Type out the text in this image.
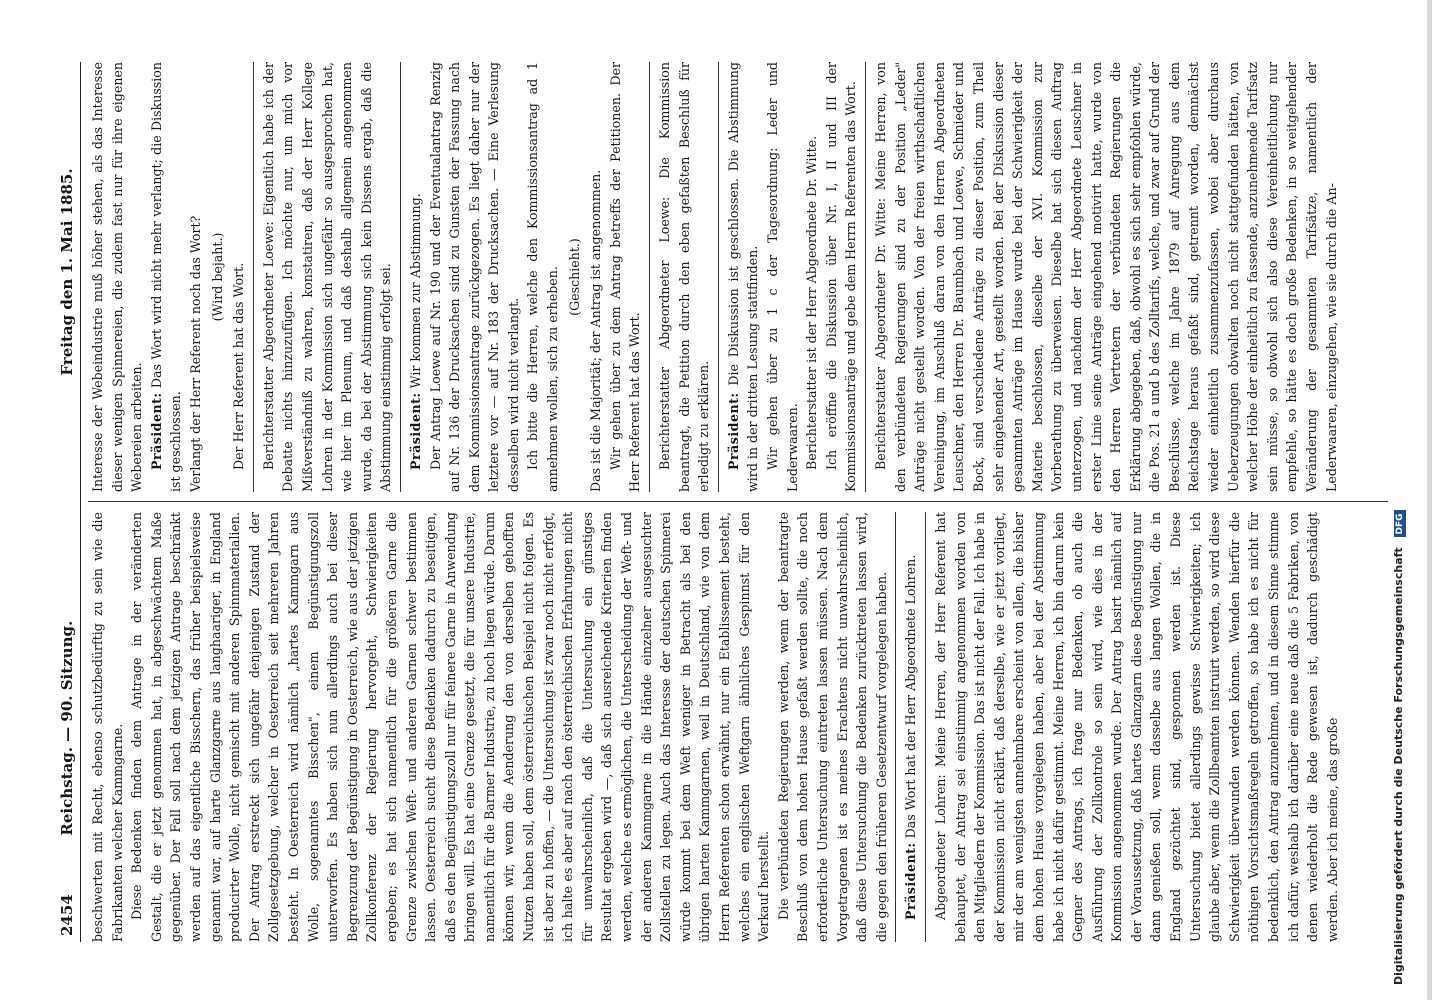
2454
Reichstag. — 90. Sitzung. Freitag den 1. Mai 1885.

beschwerten mit Recht, ebenso schutzbedürftig zu sein wie die Fabrikanten welcher Kammgarne. Diese Bedenken finden dem Antrage in der veränderten Gestalt, die er jetzt genommen hat, in abgeschwächtem Maße gegenüber. Der Fall soll nach dem jetzigen Antrage beschränkt werden auf das eigentliche Bisschern, das früher beispielsweise genannt war, auf harte Glanzgarne aus langhaariger, in England producirter Wolle, nicht gemischt mit anderen Spinnmaterialien. Der Antrag erstreckt sich ungefähr denjenigen Zustand der Zollgesetzgebung, welcher in Oesterreich seit mehreren Jahren besteht. In Oesterreich wird nämlich „hartes Kammgarn aus Wolle, sogenanntes Bisschen", einem Begünstigungszoll unterworfen. Es haben sich nun allerdings auch bei dieser Begrenzung der Begünstigung in Oesterreich, wie aus der jetzigen Zollkonferenz der Regierung hervorgeht, Schwierigkeiten ergeben; es hat sich namentlich für die größeren Garne die Grenze zwischen Weft- und anderen Garnen schwer bestimmen lassen. Oesterreich sucht diese Bedenken dadurch zu beseitigen, daß es den Begünstigungszoll nur für feinere Garne in Anwendung bringen will. Es hat eine Grenze gesetzt, die für unsere Industrie, namentlich für die Barmer Industrie, zu hoch liegen würde. Darum können wir, wenn die Aenderung den von derselben gehofften Nutzen haben soll, dem österreichischen Beispiel nicht folgen. Es ist aber zu hoffen, — die Untersuchung ist zwar noch nicht erfolgt, ich halte es aber auf nach den österreichischen Erfahrungen nicht für unwahrscheinlich, daß die Untersuchung ein günstiges Resultat ergeben wird —, daß sich ausreichende Kriterien finden werden, welche es ermöglichen, die Unterscheidung der Weft- und der anderen Kammgarne in die Hände einzelner ausgesuchter Zollstellen zu legen. Auch das Interesse der deutschen Spinnerei würde kommt bei dem Weft weniger in Betracht als bei den übrigen harten Kammgarnen, weil in Deutschland, wie von dem Herrn Referenten schon erwähnt, nur ein Etablissement besteht, welches ein englischen Weftgarn ähnliches Gespinnst für den Verkauf herstellt. Die verbündeten Regierungen werden, wenn der beantragte Beschluß von dem hohen Hause gefaßt werden sollte, die noch erforderliche Untersuchung eintreten lassen müssen. Nach dem Vorgetragenen ist es meines Erachtens nicht unwahrscheinlich, daß diese Untersuchung die Bedenken zurücktreten lassen wird, die gegen den früheren Gesetzentwurf vorgelegen haben. Präsident: Das Wort hat der Herr Abgeordnete Lohren. Abgeordneter Lohren: Meine Herren, der Herr Referent hat behauptet, der Antrag sei einstimmig angenommen worden von den Mitgliedern der Kommission. Das ist nicht der Fall. Ich habe in der Kommission nicht erklärt, daß derselbe, wie er jetzt vorliegt, mir der am wenigsten annehmbare erscheint von allen, die bisher dem hohen Hause vorgelegen haben, aber bei der Abstimmung habe ich nicht dafür gestimmt. Meine Herren, ich bin darum kein Gegner des Antrags, ich frage nur Bedenken, ob auch die Ausführung der Zollkontrole so sein wird, wie dies in der Kommission angenommen wurde. Der Antrag basirt nämlich auf der Voraussetzung, daß hartes Glanzgarn diese Begünstigung nur dann genießen soll, wenn dasselbe aus langen Wollen, die in England gezüchtet sind, gesponnen werden ist. Diese Untersuchung bietet allerdings gewisse Schwierigkeiten; ich glaube aber, wenn die Zollbeamten instruirt werden, so wird diese Schwierigkeit überwunden werden können. Wenden hierfür die nöthigen Vorsichtsmaßregeln getroffen, so habe ich es nicht für bedenklich, den Antrag anzunehmen, und in diesem Sinne stimme ich dafür, weshalb ich darüber eine neue daß die 5 Fabriken, von denen wiederholt die Rede gewesen ist, dadurch geschädigt werden. Aber ich meine, das große

Interesse der Webeindustrie muß höher stehen, als das Interesse dieser wenigen Spinnereien, die zudem fast nur für ihre eigenen Webereien arbeiten. Präsident: Das Wort wird nicht mehr verlangt; die Diskussion ist geschlossen. Verlangt der Herr Referent noch das Wort? (Wird bejaht.) Der Herr Referent hat das Wort. Berichterstatter Abgeordneter Loewe: Eigentlich habe ich der Debatte nichts hinzuzufügen. Ich möchte nur, um mich vor Mißverständniß zu wahren, konstatiren, daß der Herr Kollege Lohren in der Kommission sich ungefähr so ausgesprochen hat, wie hier im Plenum, und daß deshalb allgemein angenommen wurde, da bei der Abstimmung sich kein Dissens ergab, daß die Abstimmung einstimmig erfolgt sei. Präsident: Wir kommen zur Abstimmung. Der Antrag Loewe auf Nr. 190 und der Eventualantrag Renzig auf Nr. 136 der Drucksachen sind zu Gunsten der Fassung nach dem Kommissionsantrage zurückgezogen. Es liegt daher nur der letztere vor — auf Nr. 183 der Drucksachen. — Eine Verlesung desselben wird nicht verlangt. Ich bitte die Herren, welche den Kommissionsantrag ad 1 annehmen wollen, sich zu erheben. (Geschieht.) Das ist die Majorität; der Antrag ist angenommen. Wir gehen über zu dem Antrag betreffs der Petitionen. Der Herr Referent hat das Wort. Berichterstatter Abgeordneter Loewe: Die Kommission beantragt, die Petition durch den eben gefaßten Beschluß für erledigt zu erklären. Präsident: Die Diskussion ist geschlossen. Die Abstimmung wird in der dritten Lesung stattfinden. Wir gehen über zu 1 c der Tagesordnung: Leder und Lederwaaren. Berichterstatter ist der Herr Abgeordnete Dr. Witte. Ich eröffne die Diskussion über Nr. I, II und III der Kommissionsanträge und gebe dem Herrn Referenten das Wort. Berichterstatter Abgeordneter Dr. Witte: Meine Herren, von den verbündeten Regierungen sind zu der Position „Leder" Anträge nicht gestellt worden. Von der freien wirthschaftlichen Vereinigung, im Anschluß daran von den Herren Abgeordneten Leuschner, den Herren Dr. Baumbach und Loewe, Schmieder und Bock, sind verschiedene Anträge zu dieser Position, zum Theil sehr eingehender Art, gestellt worden. Bei der Diskussion dieser gesammten Anträge im Hause wurde bei der Schwierigkeit der Materie beschlossen, dieselbe der XVI. Kommission zur Vorberathung zu überweisen. Dieselbe hat sich diesen Auftrag unterzogen, und nachdem der Herr Abgeordnete Leuschner in erster Linie seine Anträge eingehend motivirt hatte, wurde von den Herren Vertretern der verbündeten Regierungen die Erklärung abgegeben, daß, obwohl es sich sehr empfohlen würde, die Pos. 21 a und b des Zolltarifs, welche, und zwar auf Grund der Beschlüsse, welche im Jahre 1879 auf Anregung aus dem Reichstage heraus gefaßt sind, getrennt worden, demnächst wieder einheitlich zusammenzufassen, wobei aber durchaus Ueberzeugungen obwalten noch nicht stattgefunden hätten, von welcher Höhe der einheitlich zu fassende, anzunehmende Tarifsatz sein müsse, so obwohl sich also diese Vereinheitlichung nur empfehle, so hätte es doch große Bedenken, in so weitgehender Veränderung der gesammten Tarifsätze, namentlich der Lederwaaren, einzugehen, wie sie durch die An-

Digitalisierung gefördert durch die Deutsche Forschungsgemeinschaft DFG
